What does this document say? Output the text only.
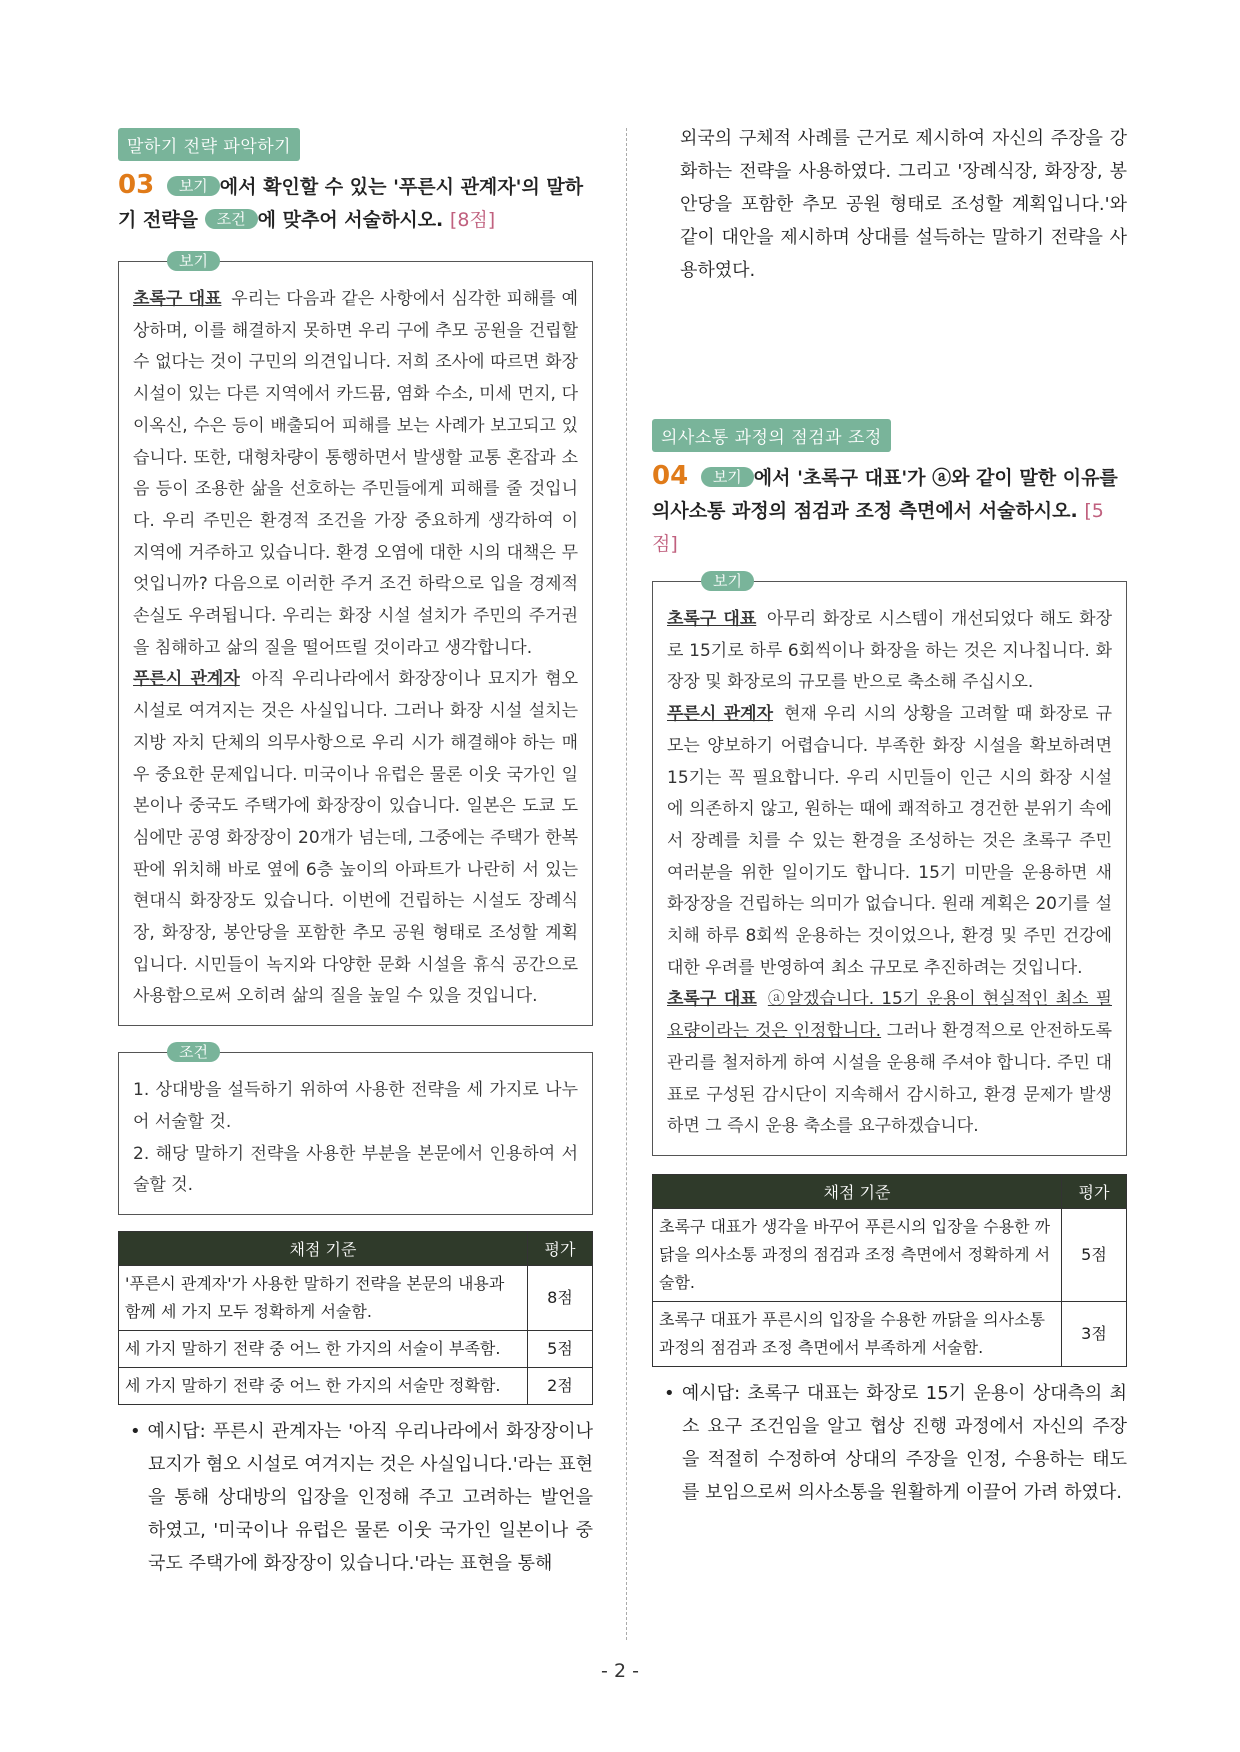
말하기 전략 파악하기
03 보기 에서 확인할 수 있는 '푸른시 관계자'의 말하기 전략을 조건 에 맞추어 서술하시오. [8점]
보기
초록구 대표 우리는 다음과 같은 사항에서 심각한 피해를 예상하며, 이를 해결하지 못하면 우리 구에 추모 공원을 건립할 수 없다는 것이 구민의 의견입니다. 저희 조사에 따르면 화장 시설이 있는 다른 지역에서 카드뮴, 염화 수소, 미세 먼지, 다이옥신, 수은 등이 배출되어 피해를 보는 사례가 보고되고 있습니다. 또한, 대형차량이 통행하면서 발생할 교통 혼잡과 소음 등이 조용한 삶을 선호하는 주민들에게 피해를 줄 것입니다. 우리 주민은 환경적 조건을 가장 중요하게 생각하여 이 지역에 거주하고 있습니다. 환경 오염에 대한 시의 대책은 무엇입니까? 다음으로 이러한 주거 조건 하락으로 입을 경제적 손실도 우려됩니다. 우리는 화장 시설 설치가 주민의 주거권을 침해하고 삶의 질을 떨어뜨릴 것이라고 생각합니다.
푸른시 관계자 아직 우리나라에서 화장장이나 묘지가 혐오 시설로 여겨지는 것은 사실입니다. 그러나 화장 시설 설치는 지방 자치 단체의 의무사항으로 우리 시가 해결해야 하는 매우 중요한 문제입니다. 미국이나 유럽은 물론 이웃 국가인 일본이나 중국도 주택가에 화장장이 있습니다. 일본은 도쿄 도심에만 공영 화장장이 20개가 넘는데, 그중에는 주택가 한복판에 위치해 바로 옆에 6층 높이의 아파트가 나란히 서 있는 현대식 화장장도 있습니다. 이번에 건립하는 시설도 장례식장, 화장장, 봉안당을 포함한 추모 공원 형태로 조성할 계획입니다. 시민들이 녹지와 다양한 문화 시설을 휴식 공간으로 사용함으로써 오히려 삶의 질을 높일 수 있을 것입니다.
조건
1. 상대방을 설득하기 위하여 사용한 전략을 세 가지로 나누어 서술할 것.
2. 해당 말하기 전략을 사용한 부분을 본문에서 인용하여 서술할 것.
채점 기준	평가
'푸른시 관계자'가 사용한 말하기 전략을 본문의 내용과 함께 세 가지 모두 정확하게 서술함.	8점
세 가지 말하기 전략 중 어느 한 가지의 서술이 부족함.	5점
세 가지 말하기 전략 중 어느 한 가지의 서술만 정확함.	2점
• 예시답: 푸른시 관계자는 '아직 우리나라에서 화장장이나 묘지가 혐오 시설로 여겨지는 것은 사실입니다.'라는 표현을 통해 상대방의 입장을 인정해 주고 고려하는 발언을 하였고, '미국이나 유럽은 물론 이웃 국가인 일본이나 중국도 주택가에 화장장이 있습니다.'라는 표현을 통해
외국의 구체적 사례를 근거로 제시하여 자신의 주장을 강화하는 전략을 사용하였다. 그리고 '장례식장, 화장장, 봉안당을 포함한 추모 공원 형태로 조성할 계획입니다.'와 같이 대안을 제시하며 상대를 설득하는 말하기 전략을 사용하였다.
의사소통 과정의 점검과 조정
04 보기 에서 '초록구 대표'가 ⓐ와 같이 말한 이유를 의사소통 과정의 점검과 조정 측면에서 서술하시오. [5점]
보기
초록구 대표 아무리 화장로 시스템이 개선되었다 해도 화장로 15기로 하루 6회씩이나 화장을 하는 것은 지나칩니다. 화장장 및 화장로의 규모를 반으로 축소해 주십시오.
푸른시 관계자 현재 우리 시의 상황을 고려할 때 화장로 규모는 양보하기 어렵습니다. 부족한 화장 시설을 확보하려면 15기는 꼭 필요합니다. 우리 시민들이 인근 시의 화장 시설에 의존하지 않고, 원하는 때에 쾌적하고 경건한 분위기 속에서 장례를 치를 수 있는 환경을 조성하는 것은 초록구 주민 여러분을 위한 일이기도 합니다. 15기 미만을 운용하면 새 화장장을 건립하는 의미가 없습니다. 원래 계획은 20기를 설치해 하루 8회씩 운용하는 것이었으나, 환경 및 주민 건강에 대한 우려를 반영하여 최소 규모로 추진하려는 것입니다.
초록구 대표 ⓐ알겠습니다. 15기 운용이 현실적인 최소 필요량이라는 것은 인정합니다. 그러나 환경적으로 안전하도록 관리를 철저하게 하여 시설을 운용해 주셔야 합니다. 주민 대표로 구성된 감시단이 지속해서 감시하고, 환경 문제가 발생하면 그 즉시 운용 축소를 요구하겠습니다.
채점 기준	평가
초록구 대표가 생각을 바꾸어 푸른시의 입장을 수용한 까닭을 의사소통 과정의 점검과 조정 측면에서 정확하게 서술함.	5점
초록구 대표가 푸른시의 입장을 수용한 까닭을 의사소통 과정의 점검과 조정 측면에서 부족하게 서술함.	3점
• 예시답: 초록구 대표는 화장로 15기 운용이 상대측의 최소 요구 조건임을 알고 협상 진행 과정에서 자신의 주장을 적절히 수정하여 상대의 주장을 인정, 수용하는 태도를 보임으로써 의사소통을 원활하게 이끌어 가려 하였다.
- 2 -
